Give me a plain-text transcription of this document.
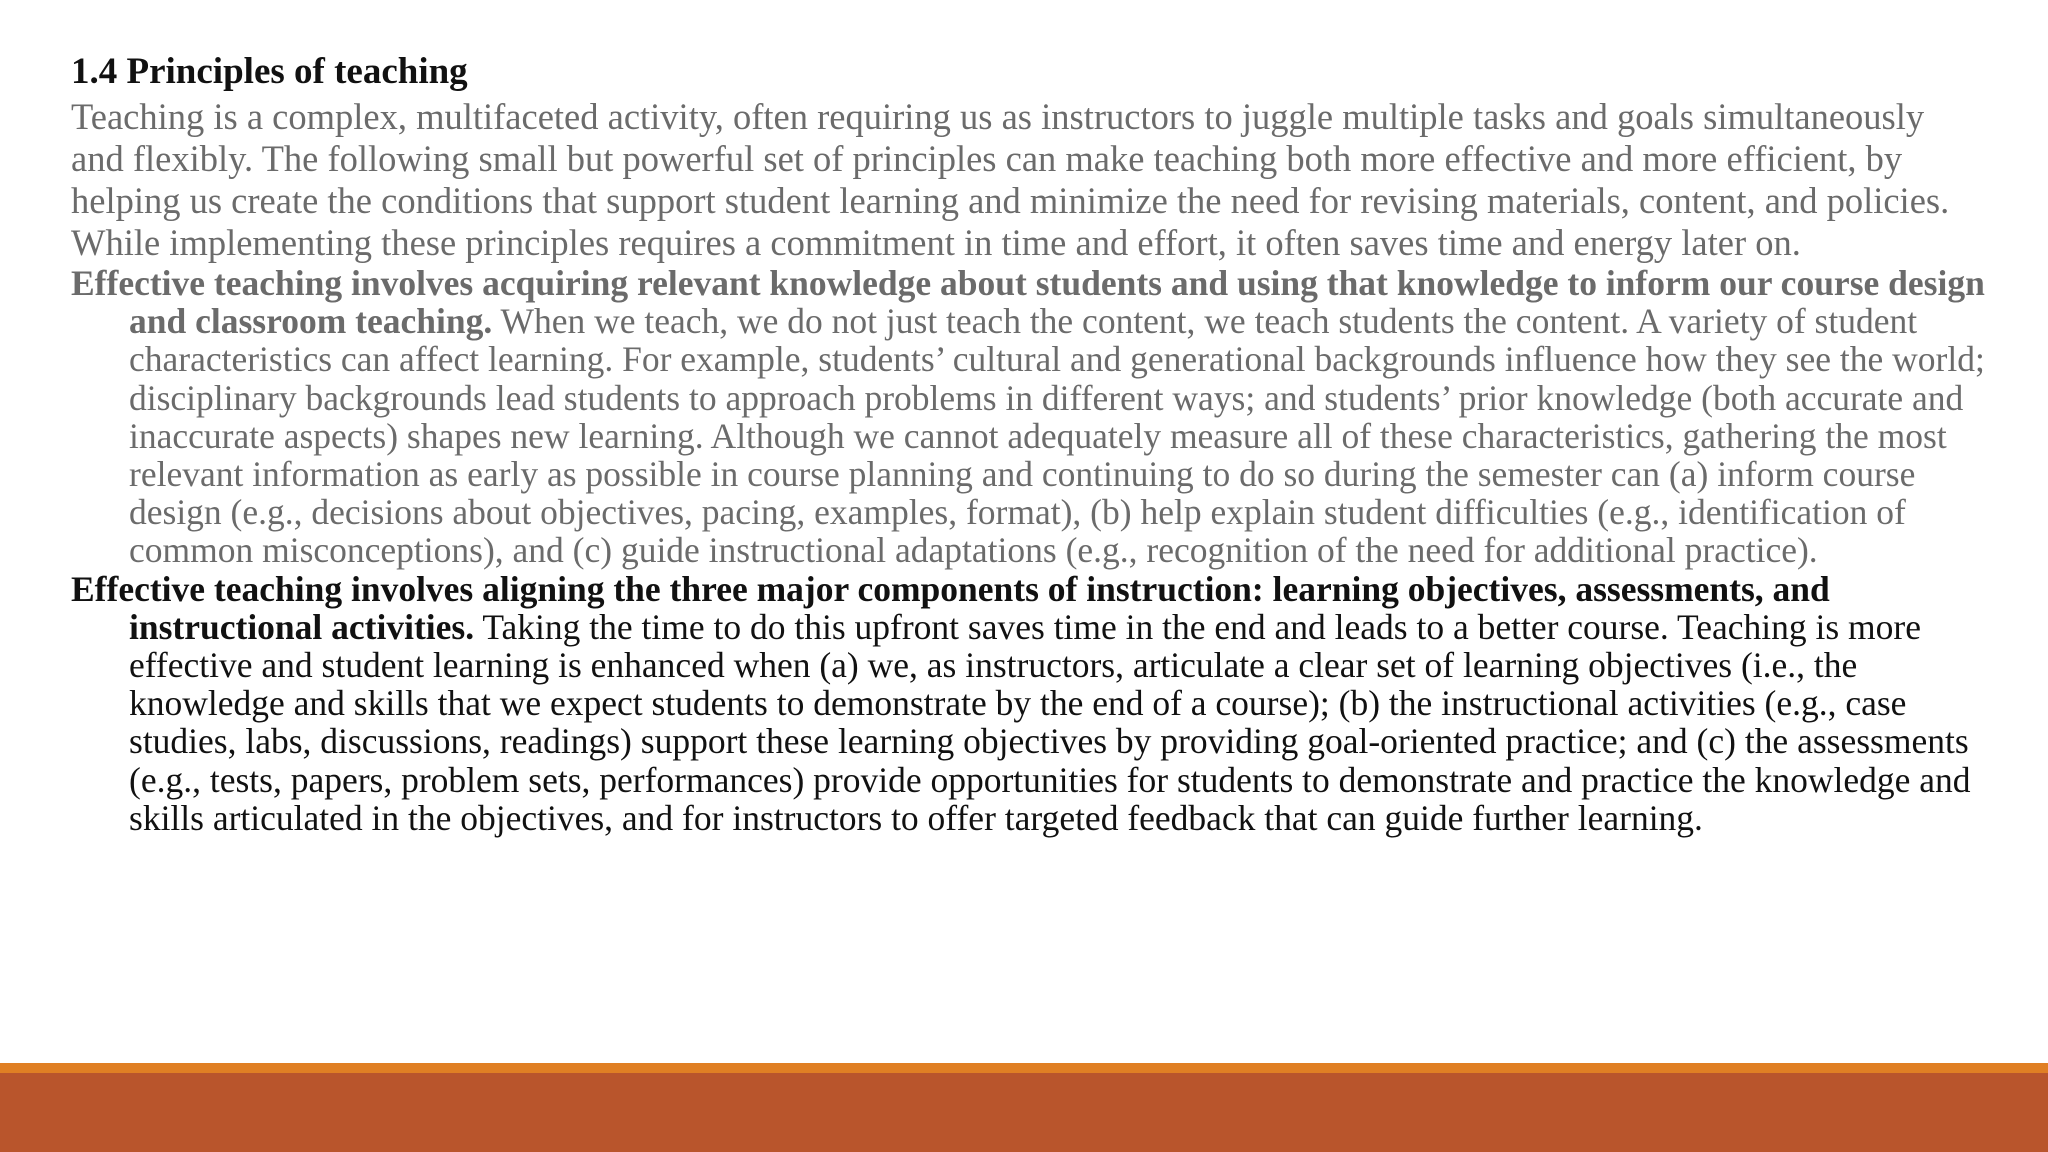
1.4 Principles of teaching

Teaching is a complex, multifaceted activity, often requiring us as instructors to juggle multiple tasks and goals simultaneously and flexibly. The following small but powerful set of principles can make teaching both more effective and more efficient, by helping us create the conditions that support student learning and minimize the need for revising materials, content, and policies. While implementing these principles requires a commitment in time and effort, it often saves time and energy later on.

Effective teaching involves acquiring relevant knowledge about students and using that knowledge to inform our course design and classroom teaching. When we teach, we do not just teach the content, we teach students the content. A variety of student characteristics can affect learning. For example, students’ cultural and generational backgrounds influence how they see the world; disciplinary backgrounds lead students to approach problems in different ways; and students’ prior knowledge (both accurate and inaccurate aspects) shapes new learning. Although we cannot adequately measure all of these characteristics, gathering the most relevant information as early as possible in course planning and continuing to do so during the semester can (a) inform course design (e.g., decisions about objectives, pacing, examples, format), (b) help explain student difficulties (e.g., identification of common misconceptions), and (c) guide instructional adaptations (e.g., recognition of the need for additional practice).

Effective teaching involves aligning the three major components of instruction: learning objectives, assessments, and instructional activities. Taking the time to do this upfront saves time in the end and leads to a better course. Teaching is more effective and student learning is enhanced when (a) we, as instructors, articulate a clear set of learning objectives (i.e., the knowledge and skills that we expect students to demonstrate by the end of a course); (b) the instructional activities (e.g., case studies, labs, discussions, readings) support these learning objectives by providing goal-oriented practice; and (c) the assessments (e.g., tests, papers, problem sets, performances) provide opportunities for students to demonstrate and practice the knowledge and skills articulated in the objectives, and for instructors to offer targeted feedback that can guide further learning.
